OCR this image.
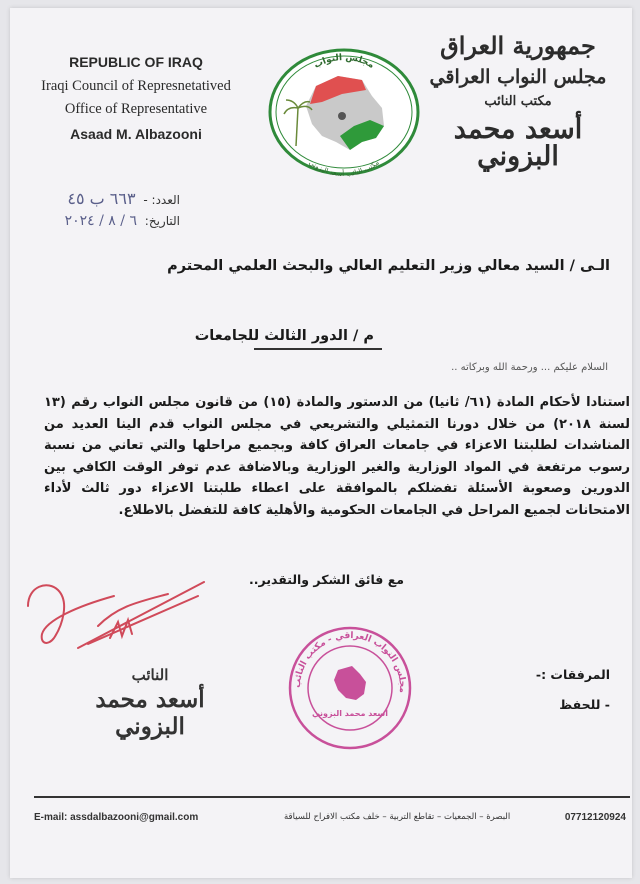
REPUBLIC OF IRAQ
Iraqi Council of Represnetatived
Office of Representative
Asaad M. Albazooni
مجلس النواب
مكتب النائب أسعد البزوني
جمهورية العراق
مجلس النواب العراقي
مكتب النائب
أسعد محمد البزوني
العدد: - ٦٦٣ ب ٤٥
التاريخ: ٦ / ٨ / ٢٠٢٤
الـى / السيد معالي وزير التعليم العالي والبحث العلمي المحترم
م / الدور الثالث للجامعات
السلام عليكم ... ورحمة الله وبركاته ..
استنادا لأحكام المادة (٦١/ ثانيا) من الدستور والمادة (١٥) من قانون مجلس النواب رقم (١٣ لسنة ٢٠١٨) من خلال دورنا التمثيلي والتشريعي في مجلس النواب قدم الينا العديد من المناشدات لطلبتنا الاعزاء في جامعات العراق كافة وبجميع مراحلها والتي تعاني من نسبة رسوب مرتفعة في المواد الوزارية والغير الوزارية وبالاضافة عدم توفر الوقت الكافي بين الدورين وصعوبة الأسئلة تفضلكم بالموافقة على اعطاء طلبتنا الاعزاء دور ثالث لأداء الامتحانات لجميع المراحل في الجامعات الحكومية والأهلية كافة للتفضل بالاطلاع.
مع فائق الشكر والتقدير..
النائب
أسعد محمد البزوني
مجلس النواب العراقي - مكتب النائب
أسعد محمد البزوني
المرفقات :-
- للحفظ
E-mail: assdalbazooni@gmail.com	البصرة – الجمعيات – تقاطع التربية – خلف مكتب الافراح للسياقة	07712120924
